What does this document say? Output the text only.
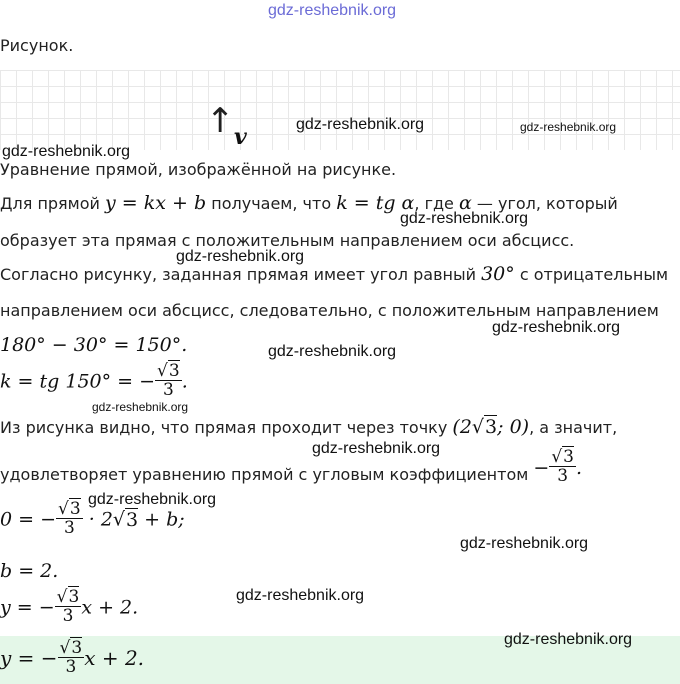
gdz-reshebnik.org
Рисунок.
↑ v	gdz-reshebnik.org	gdz-reshebnik.org
gdz-reshebnik.org
Уравнение прямой, изображённой на рисунке.
Для прямой y = kx + b получаем, что k = tg α, где α — угол, который
gdz-reshebnik.org
образует эта прямая с положительным направлением оси абсцисс.
Согласно рисунку, заданная прямая имеет угол равный 30° с отрицательным
направлением оси абсцисс, следовательно, с положительным направлением
gdz-reshebnik.org
gdz-reshebnik.org
180° − 30° = 150°.	gdz-reshebnik.org
k = tg 150° = − $\frac{√3}{3}$ .
gdz-reshebnik.org
Из рисунка видно, что прямая проходит через точку (2√3; 0), а значит,
gdz-reshebnik.org
удовлетворяет уравнению прямой с угловым коэффициентом − $\frac{√3}{3}$ .
gdz-reshebnik.org
0 = − $\frac{√3}{3} \cdot 2√3 + b$;
gdz-reshebnik.org
b = 2.
y = − $\frac{√3}{3}$ x + 2.
gdz-reshebnik.org
y = − $\frac{√3}{3}$ x + 2.
gdz-reshebnik.org
